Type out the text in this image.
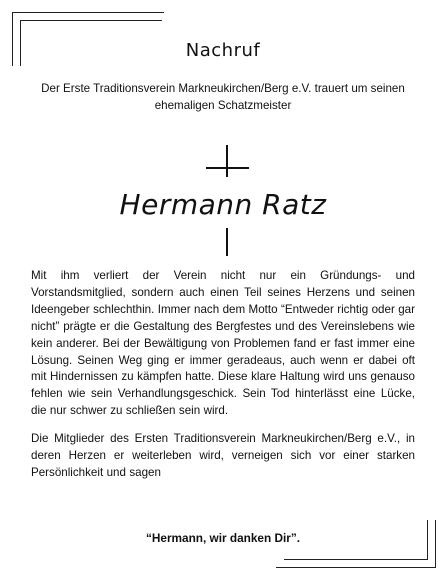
Nachruf
Der Erste Traditionsverein Markneukirchen/Berg e.V. trauert um seinen ehemaligen Schatzmeister
Hermann Ratz
Mit ihm verliert der Verein nicht nur ein Gründungs- und Vorstandsmitglied, sondern auch einen Teil seines Herzens und seinen Ideengeber schlechthin. Immer nach dem Motto “Entweder richtig oder gar nicht” prägte er die Gestaltung des Bergfestes und des Vereinslebens wie kein anderer. Bei der Bewältigung von Problemen fand er fast immer eine Lösung. Seinen Weg ging er immer geradeaus, auch wenn er dabei oft mit Hindernissen zu kämpfen hatte. Diese klare Haltung wird uns genauso fehlen wie sein Verhandlungsgeschick. Sein Tod hinterlässt eine Lücke, die nur schwer zu schließen sein wird.
Die Mitglieder des Ersten Traditionsverein Markneukirchen/Berg e.V., in deren Herzen er weiterleben wird, verneigen sich vor einer starken Persönlichkeit und sagen
“Hermann, wir danken Dir”.
